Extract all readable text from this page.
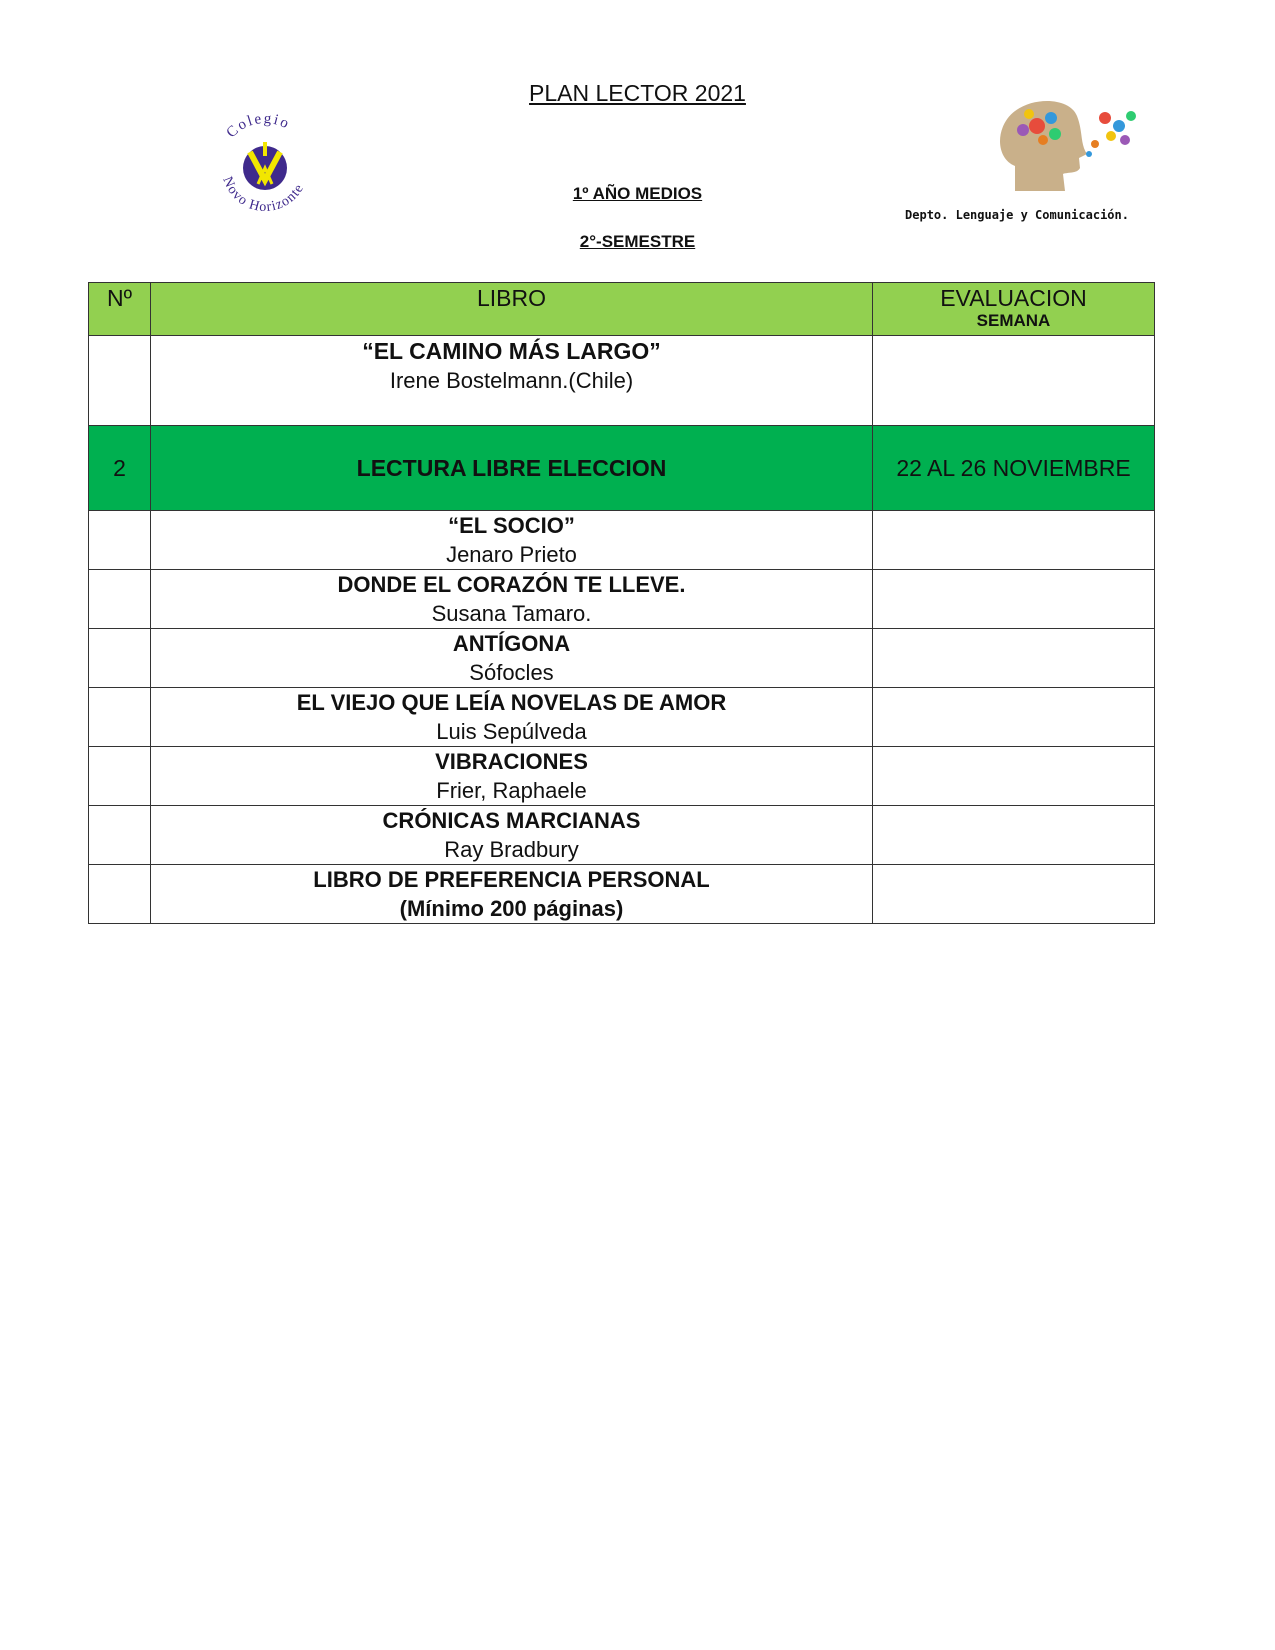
PLAN LECTOR 2021
1º AÑO MEDIOS
2°-SEMESTRE
Colegio
Novo Horizonte
Depto. Lenguaje y Comunicación.
Nº	LIBRO	EVALUACION
SEMANA

	“EL CAMINO MÁS LARGO”
Irene Bostelmann.(Chile)	

2	LECTURA LIBRE ELECCION	22 AL 26 NOVIEMBRE

	“EL SOCIO”
Jenaro Prieto	

	DONDE EL CORAZÓN TE LLEVE.
Susana Tamaro.	

	ANTÍGONA
Sófocles	

	EL VIEJO QUE LEÍA NOVELAS DE AMOR
Luis Sepúlveda	

	VIBRACIONES
Frier, Raphaele	

	CRÓNICAS MARCIANAS
Ray Bradbury	

	LIBRO DE PREFERENCIA PERSONAL
(Mínimo 200 páginas)	
